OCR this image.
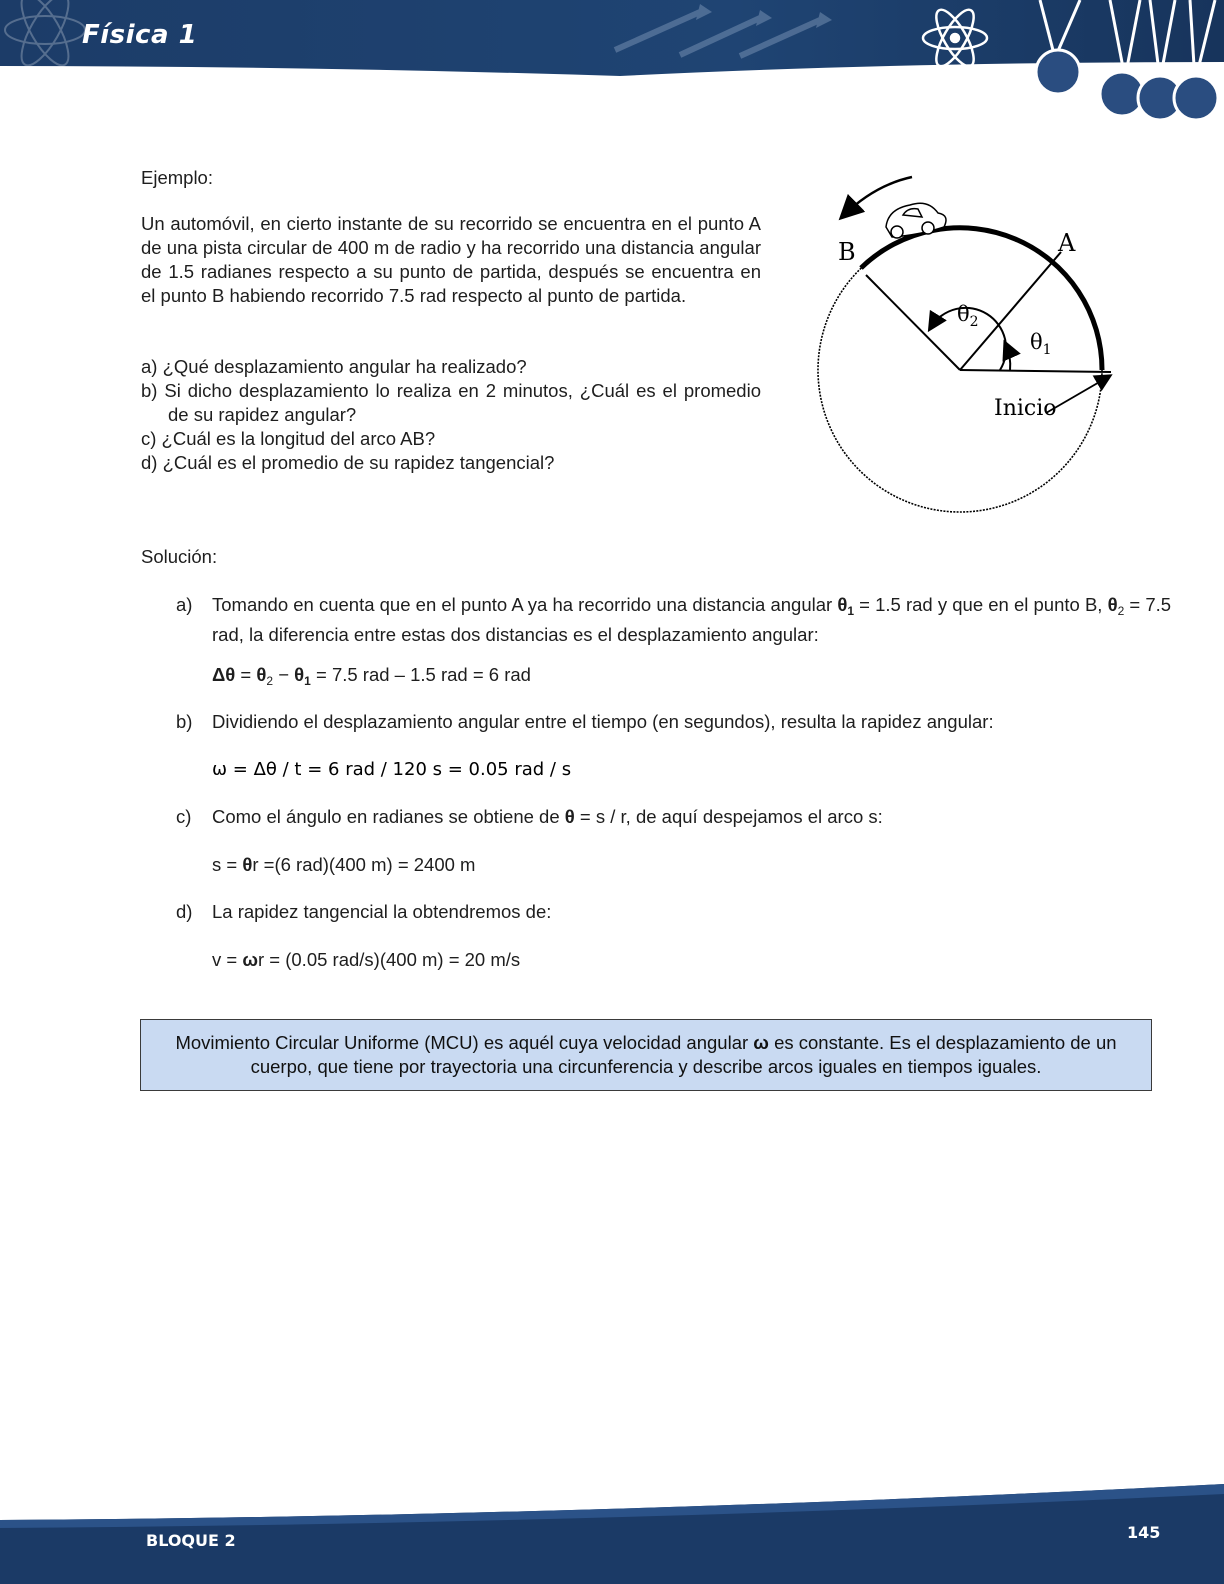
Física 1
Ejemplo:
Un automóvil, en cierto instante de su recorrido se encuentra en el punto A de una pista circular de 400 m de radio y ha recorrido una distancia angular de 1.5 radianes respecto a su punto de partida, después se encuentra en el punto B habiendo recorrido 7.5 rad respecto al punto de partida.
a) ¿Qué desplazamiento angular ha realizado?
b) Si dicho desplazamiento lo realiza en 2 minutos, ¿Cuál es el promedio de su rapidez angular?
c) ¿Cuál es la longitud del arco AB?
d) ¿Cuál es el promedio de su rapidez tangencial?
A
B
$\theta_2$
$\theta_1$
Inicio
Solución:
a) Tomando en cuenta que en el punto A ya ha recorrido una distancia angular $\theta_1 = 1.5$ rad y que en el punto B, $\theta_2 = 7.5$ rad, la diferencia entre estas dos distancias es el desplazamiento angular:
$\Delta\theta = \theta_2 - \theta_1 = 7.5$ rad – 1.5 rad = 6 rad
b) Dividiendo el desplazamiento angular entre el tiempo (en segundos), resulta la rapidez angular:
ω = Δθ / t = 6 rad / 120 s = 0.05 rad / s
c) Como el ángulo en radianes se obtiene de θ = s / r, de aquí despejamos el arco s:
s = θr =(6 rad)(400 m) = 2400 m
d) La rapidez tangencial la obtendremos de:
v = ωr = (0.05 rad/s)(400 m) = 20 m/s
Movimiento Circular Uniforme (MCU) es aquél cuya velocidad angular ω es constante. Es el desplazamiento de un cuerpo, que tiene por trayectoria una circunferencia y describe arcos iguales en tiempos iguales.
BLOQUE 2	145
